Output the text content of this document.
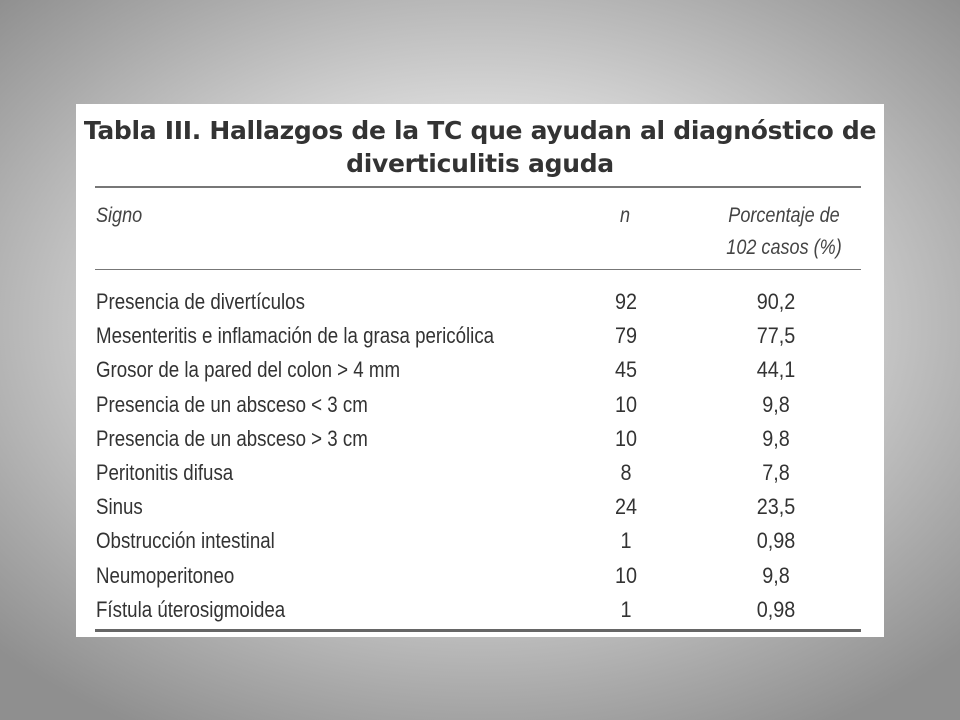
Tabla III. Hallazgos de la TC que ayudan al diagnóstico de
diverticulitis aguda
Signo	n	Porcentaje de
102 casos (%)
Presencia de divertículos	92	90,2
Mesenteritis e inflamación de la grasa pericólica	79	77,5
Grosor de la pared del colon > 4 mm	45	44,1
Presencia de un absceso < 3 cm	10	9,8
Presencia de un absceso > 3 cm	10	9,8
Peritonitis difusa	8	7,8
Sinus	24	23,5
Obstrucción intestinal	1	0,98
Neumoperitoneo	10	9,8
Fístula úterosigmoidea	1	0,98
